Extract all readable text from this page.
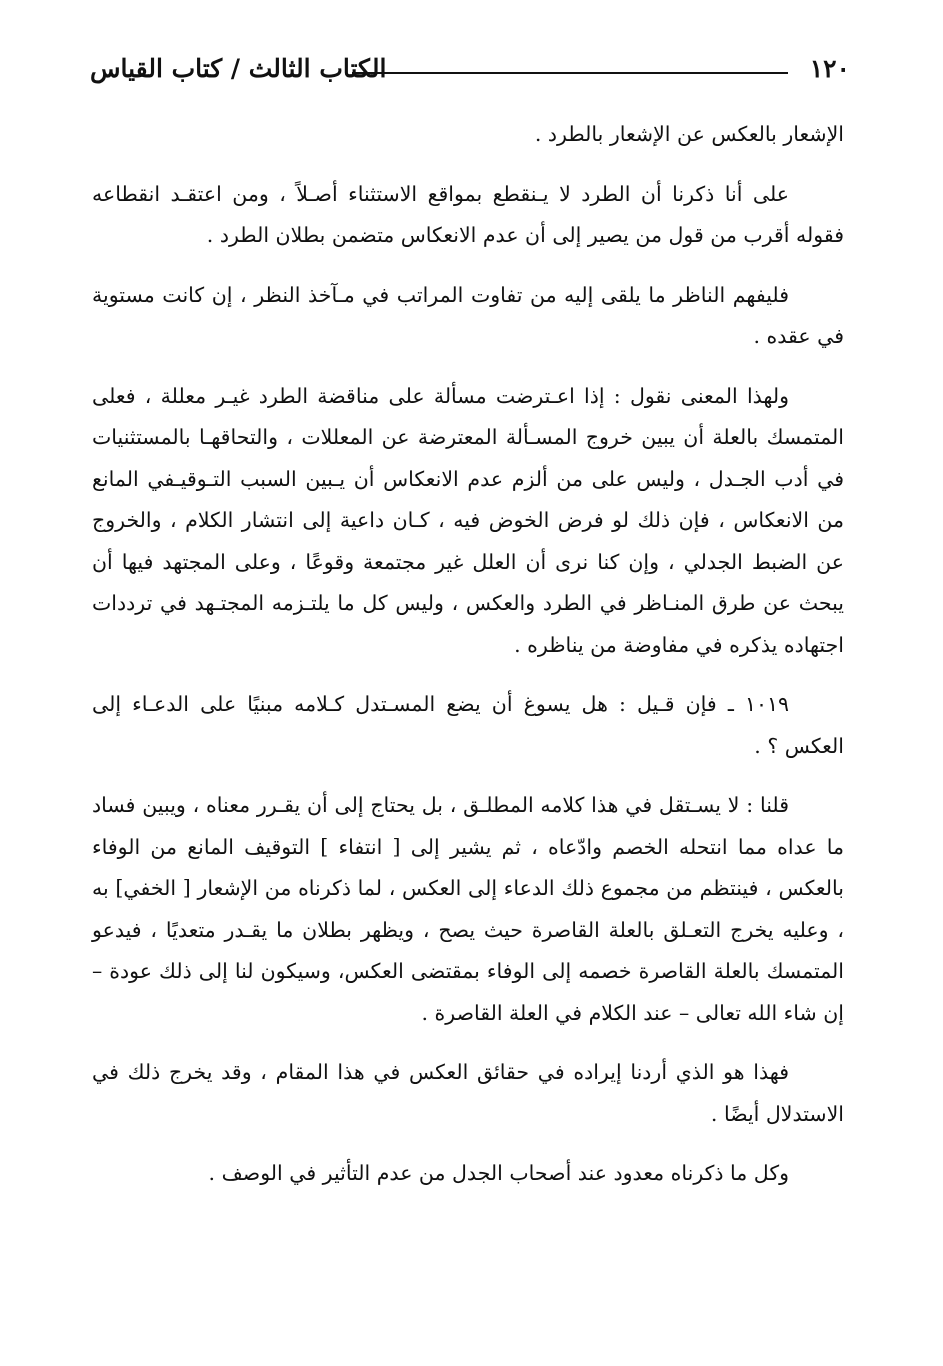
١٢٠
الكتاب الثالث / كتاب القياس

الإشعار بالعكس عن الإشعار بالطرد .

على أنا ذكرنا أن الطرد لا يـنقطع بمواقع الاستثناء أصـلاً ، ومن اعتقـد انقطاعه فقوله أقرب من قول من يصير إلى أن عدم الانعكاس متضمن بطلان الطرد .

فليفهم الناظر ما يلقى إليه من تفاوت المراتب في مـآخذ النظر ، إن كانت مستوية في عقده .

ولهذا المعنى نقول : إذا اعـترضت مسألة على مناقضة الطرد غيـر معللة ، فعلى المتمسك بالعلة أن يبين خروج المسـألة المعترضة عن المعللات ، والتحاقهـا بالمستثنيات في أدب الجـدل ، وليس على من ألزم عدم الانعكاس أن يـبين السبب التـوقيـفي المانع من الانعكاس ، فإن ذلك لو فرض الخوض فيه ، كـان داعية إلى انتشار الكلام ، والخروج عن الضبط الجدلي ، وإن كنا نرى أن العلل غير مجتمعة وقوعًا ، وعلى المجتهد فيها أن يبحث عن طرق المنـاظر في الطرد والعكس ، وليس كل ما يلتـزمه المجتـهد في ترددات اجتهاده يذكره في مفاوضة من يناظره .

١٠١٩ ـ فإن قـيل : هل يسوغ أن يضع المسـتدل كـلامه مبنيًا على الدعـاء إلى العكس ؟ .

قلنا : لا يسـتقل في هذا كلامه المطلـق ، بل يحتاج إلى أن يقـرر معناه ، ويبين فساد ما عداه مما انتحله الخصم وادّعاه ، ثم يشير إلى [ انتفاء ] التوقيف المانع من الوفاء بالعكس ، فينتظم من مجموع ذلك الدعاء إلى العكس ، لما ذكرناه من الإشعار [ الخفي] به ، وعليه يخرج التعـلق بالعلة القاصرة حيث يصح ، ويظهر بطلان ما يقـدر متعديًا ، فيدعو المتمسك بالعلة القاصرة خصمه إلى الوفاء بمقتضى العكس، وسيكون لنا إلى ذلك عودة – إن شاء الله تعالى – عند الكلام في العلة القاصرة .

فهذا هو الذي أردنا إيراده في حقائق العكس في هذا المقام ، وقد يخرج ذلك في الاستدلال أيضًا .

وكل ما ذكرناه معدود عند أصحاب الجدل من عدم التأثير في الوصف .
